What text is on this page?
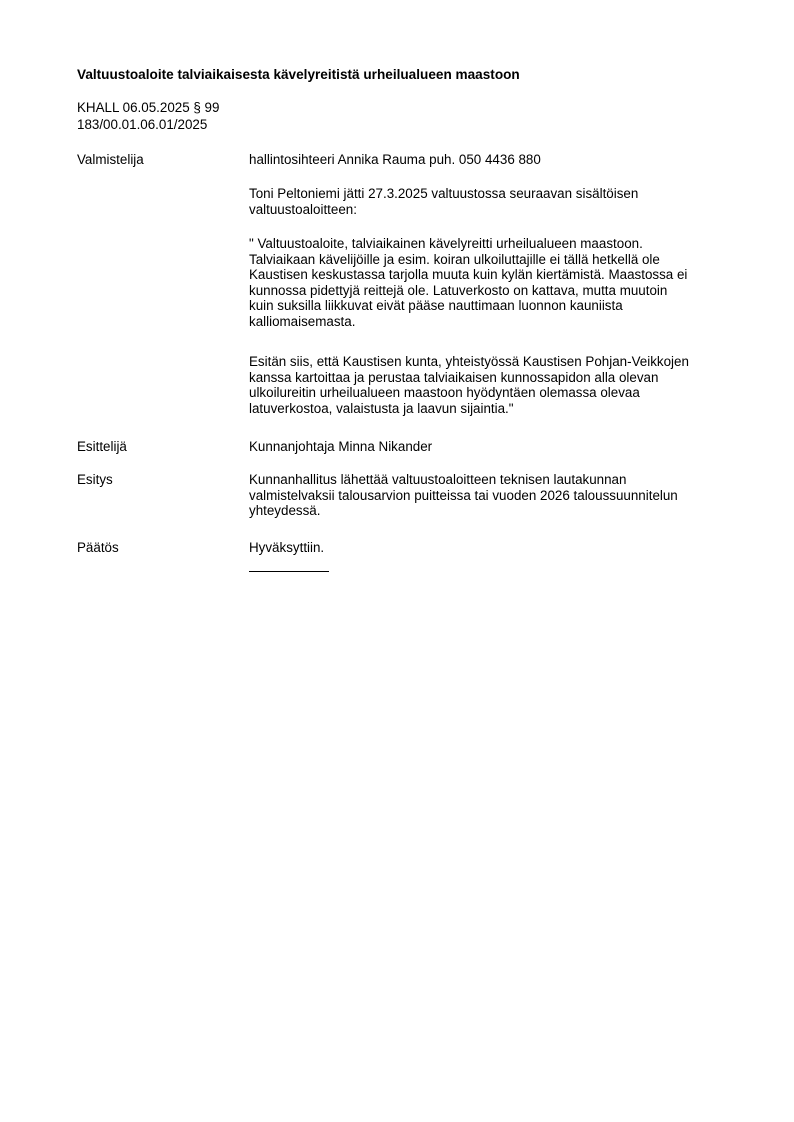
Valtuustoaloite talviaikaisesta kävelyreitistä urheilualueen maastoon
KHALL 06.05.2025 § 99
183/00.01.06.01/2025
Valmistelija	hallintosihteeri Annika Rauma puh. 050 4436 880
Toni Peltoniemi jätti 27.3.2025 valtuustossa seuraavan sisältöisen
valtuustoaloitteen:
" Valtuustoaloite, talviaikainen kävelyreitti urheilualueen maastoon.
Talviaikaan kävelijöille ja esim. koiran ulkoiluttajille ei tällä hetkellä ole
Kaustisen keskustassa tarjolla muuta kuin kylän kiertämistä. Maastossa ei
kunnossa pidettyjä reittejä ole. Latuverkosto on kattava, mutta muutoin
kuin suksilla liikkuvat eivät pääse nauttimaan luonnon kauniista
kalliomaisemasta.
Esitän siis, että Kaustisen kunta, yhteistyössä Kaustisen Pohjan-Veikkojen
kanssa kartoittaa ja perustaa talviaikaisen kunnossapidon alla olevan
ulkoilureitin urheilualueen maastoon hyödyntäen olemassa olevaa
latuverkostoa, valaistusta ja laavun sijaintia."
Esittelijä	Kunnanjohtaja Minna Nikander
Esitys	Kunnanhallitus lähettää valtuustoaloitteen teknisen lautakunnan
valmistelvaksii talousarvion puitteissa tai vuoden 2026 taloussuunnitelun
yhteydessä.
Päätös	Hyväksyttiin.
